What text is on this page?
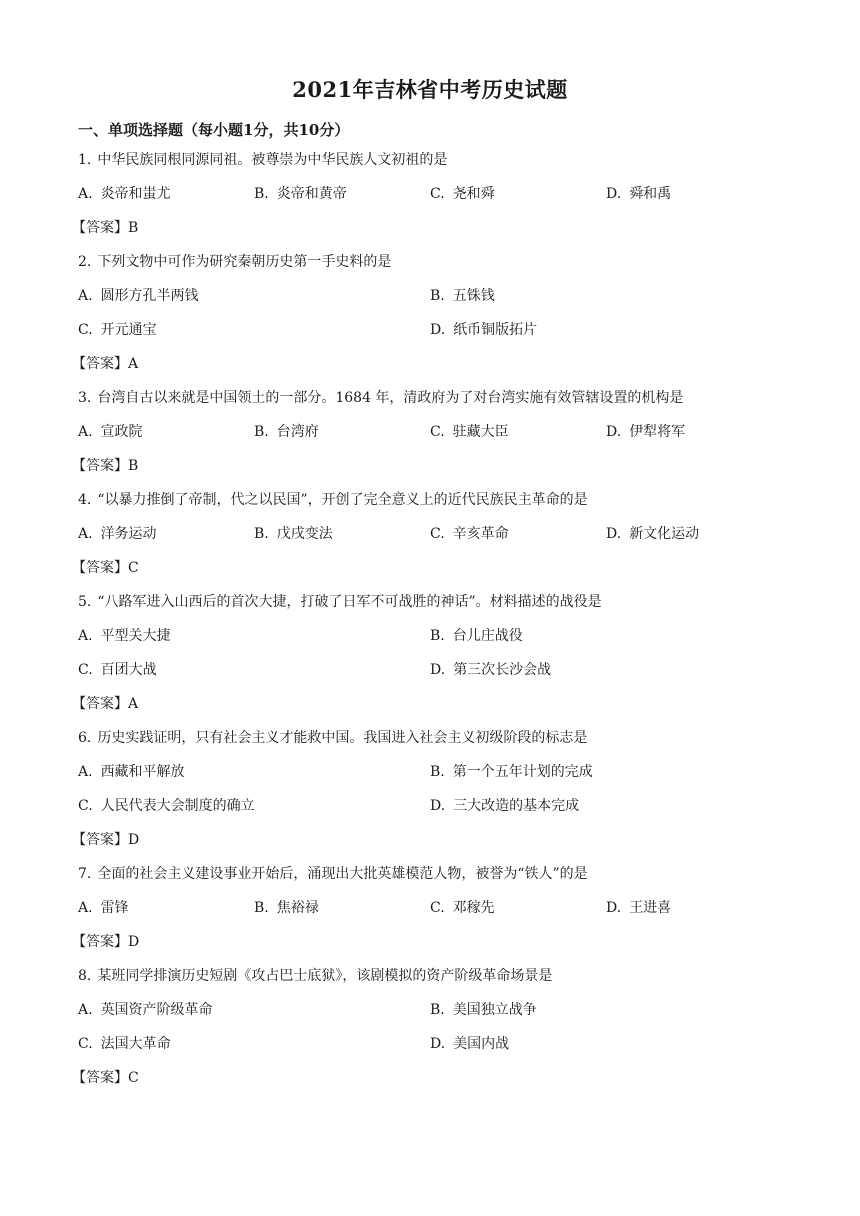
2021年吉林省中考历史试题
一、单项选择题（每小题1分，共10分）
1. 中华民族同根同源同祖。被尊崇为中华民族人文初祖的是
A. 炎帝和蚩尤	B. 炎帝和黄帝	C. 尧和舜	D. 舜和禹
【答案】B
2. 下列文物中可作为研究秦朝历史第一手史料的是
A. 圆形方孔半两钱	B. 五铢钱
C. 开元通宝	D. 纸币铜版拓片
【答案】A
3. 台湾自古以来就是中国领土的一部分。1684 年，清政府为了对台湾实施有效管辖设置的机构是
A. 宣政院	B. 台湾府	C. 驻藏大臣	D. 伊犁将军
【答案】B
4. “以暴力推倒了帝制，代之以民国”，开创了完全意义上的近代民族民主革命的是
A. 洋务运动	B. 戊戌变法	C. 辛亥革命	D. 新文化运动
【答案】C
5. “八路军进入山西后的首次大捷，打破了日军不可战胜的神话”。材料描述的战役是
A. 平型关大捷	B. 台儿庄战役
C. 百团大战	D. 第三次长沙会战
【答案】A
6. 历史实践证明，只有社会主义才能救中国。我国进入社会主义初级阶段的标志是
A. 西藏和平解放	B. 第一个五年计划的完成
C. 人民代表大会制度的确立	D. 三大改造的基本完成
【答案】D
7. 全面的社会主义建设事业开始后，涌现出大批英雄模范人物，被誉为“铁人”的是
A. 雷锋	B. 焦裕禄	C. 邓稼先	D. 王进喜
【答案】D
8. 某班同学排演历史短剧《攻占巴士底狱》，该剧模拟的资产阶级革命场景是
A. 英国资产阶级革命	B. 美国独立战争
C. 法国大革命	D. 美国内战
【答案】C
